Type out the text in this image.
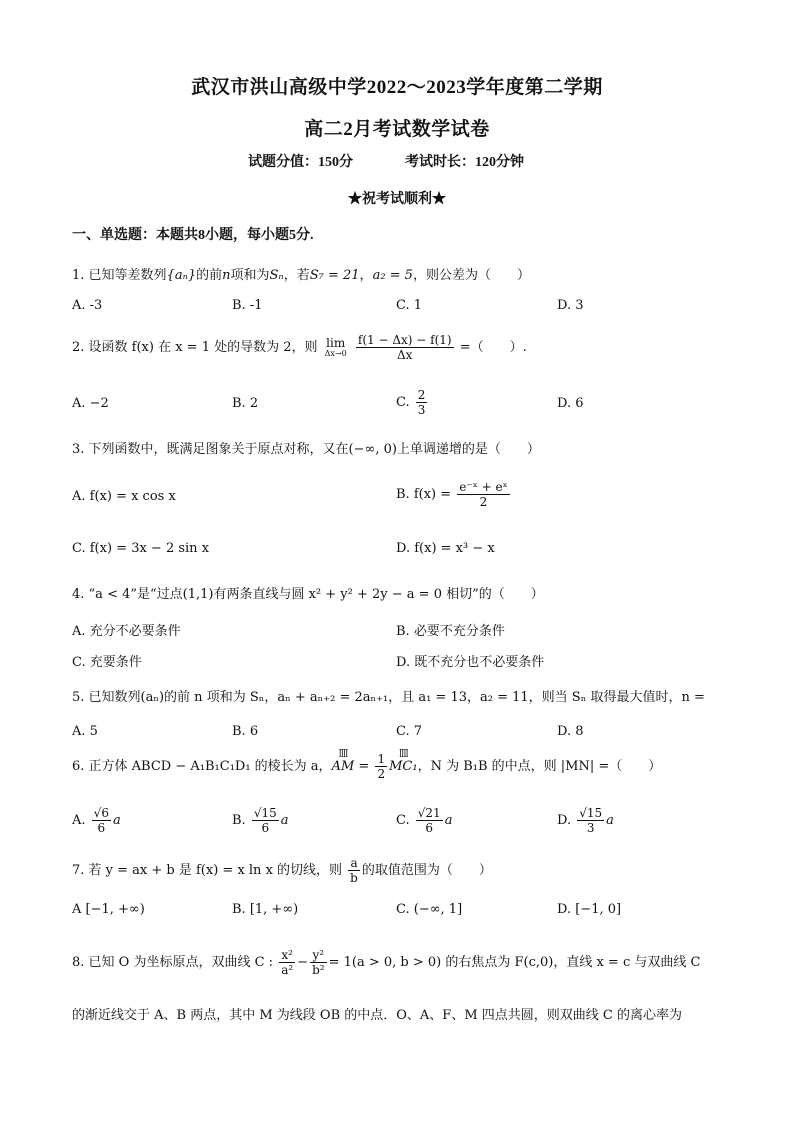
武汉市洪山高级中学2022～2023学年度第二学期
高二2月考试数学试卷
试题分值：150分	考试时长：120分钟
★祝考试顺利★
一、单选题：本题共8小题，每小题5分.
1. 已知等差数列{aₙ}的前n项和为Sₙ，若S₇ = 21，a₂ = 5，则公差为（　　）
A. -3	B. -1	C. 1	D. 3
2. 设函数 f(x) 在 x = 1 处的导数为 2，则 lim
Δx→0
$\frac{f(1 - \Delta x) - f(1)}{\Delta x}$ =（　　）.
A. −2	B. 2	C. $\frac{2}{3}$	D. 6
3. 下列函数中，既满足图象关于原点对称，又在(−∞, 0)上单调递增的是（　　）
A. f(x) = x cos x	B. $f(x) = \frac{\text{e⁻ˣ + eˣ}}{2}$
C. f(x) = 3x − 2 sin x	D. f(x) = x³ − x
4. “a < 4”是“过点(1,1)有两条直线与圆 x² + y² + 2y − a = 0 相切”的（　　）
A. 充分不必要条件	B. 必要不充分条件
C. 充要条件	D. 既不充分也不必要条件
5. 已知数列(aₙ)的前 n 项和为 Sₙ，aₙ + aₙ₊₂ = 2aₙ₊₁，且 a₁ = 13，a₂ = 11，则当 Sₙ 取得最大值时，n =
A. 5	B. 6	C. 7	D. 8
6. 正方体 ABCD − A₁B₁C₁D₁ 的棱长为 a，
ꟾꟾꟾꟾ
AM = $\frac{1}{2}$	ꟾꟾꟾꟾ
MC₁，N 为 B₁B 的中点，则 |MN| =（　　）
A. $\frac{√6}{6}$ a	B. $\frac{√15}{6}$ a	C. $\frac{√21}{6}$ a	D. $\frac{√15}{3}$ a
7. 若 y = ax + b 是 f(x) = x ln x 的切线，则 $\frac{a}{b}$ 的取值范围为（　　）
A [−1, +∞)	B. [1, +∞)	C. (−∞, 1]	D. [−1, 0]
8. 已知 O 为坐标原点，双曲线 C : $\frac{\text{x²}}{\text{a²}} - \frac{\text{y²}}{\text{b²}} = 1(a > 0$, b > 0) 的右焦点为 F(c,0)，直线 x = c 与双曲线 C
的渐近线交于 A、B 两点，其中 M 为线段 OB 的中点．O、A、F、M 四点共圆，则双曲线 C 的离心率为
